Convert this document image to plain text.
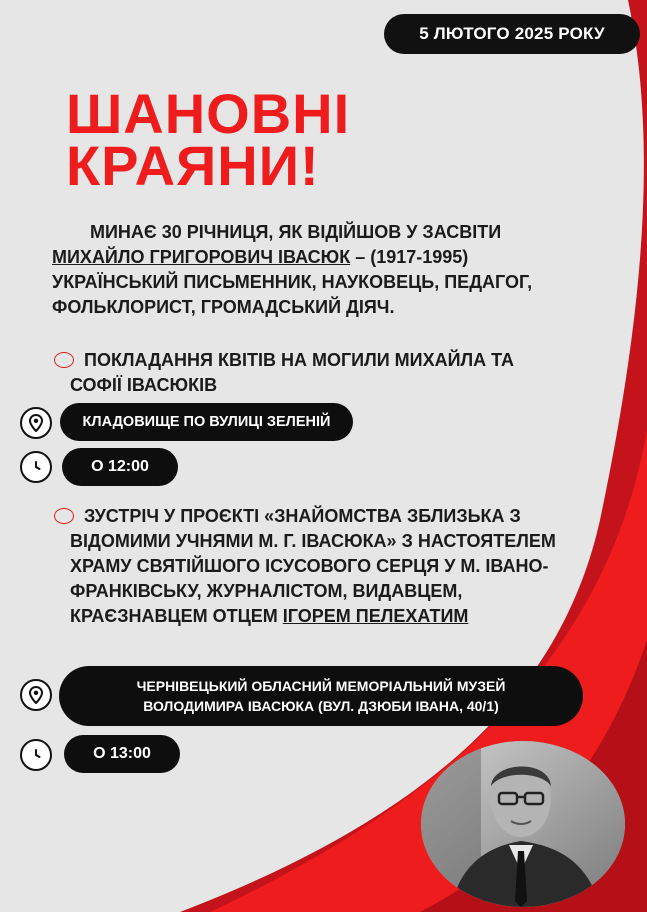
5 ЛЮТОГО 2025 РОКУ
ШАНОВНІ
КРАЯНИ!

МИНАЄ 30 РІЧНИЦЯ, ЯК ВІДІЙШОВ У ЗАСВІТИ
МИХАЙЛО ГРИГОРОВИЧ ІВАСЮК – (1917-1995) УКРАЇНСЬКИЙ ПИСЬМЕННИК, НАУКОВЕЦЬ, ПЕДАГОГ, ФОЛЬКЛОРИСТ, ГРОМАДСЬКИЙ ДІЯЧ.

ПОКЛАДАННЯ КВІТІВ НА МОГИЛИ МИХАЙЛА ТА СОФІЇ ІВАСЮКІВ

КЛАДОВИЩЕ ПО ВУЛИЦІ ЗЕЛЕНІЙ
О 12:00

ЗУСТРІЧ У ПРОЄКТІ «ЗНАЙОМСТВА ЗБЛИЗЬКА З ВІДОМИМИ УЧНЯМИ М. Г. ІВАСЮКА» З НАСТОЯТЕЛЕМ ХРАМУ СВЯТІЙШОГО ІСУСОВОГО СЕРЦЯ У М. ІВАНО-ФРАНКІВСЬКУ, ЖУРНАЛІСТОМ, ВИДАВЦЕМ, КРАЄЗНАВЦЕМ ОТЦЕМ ІГОРЕМ ПЕЛЕХАТИМ

ЧЕРНІВЕЦЬКИЙ ОБЛАСНИЙ МЕМОРІАЛЬНИЙ МУЗЕЙ
ВОЛОДИМИРА ІВАСЮКА (ВУЛ. ДЗЮБИ ІВАНА, 40/1)
О 13:00
